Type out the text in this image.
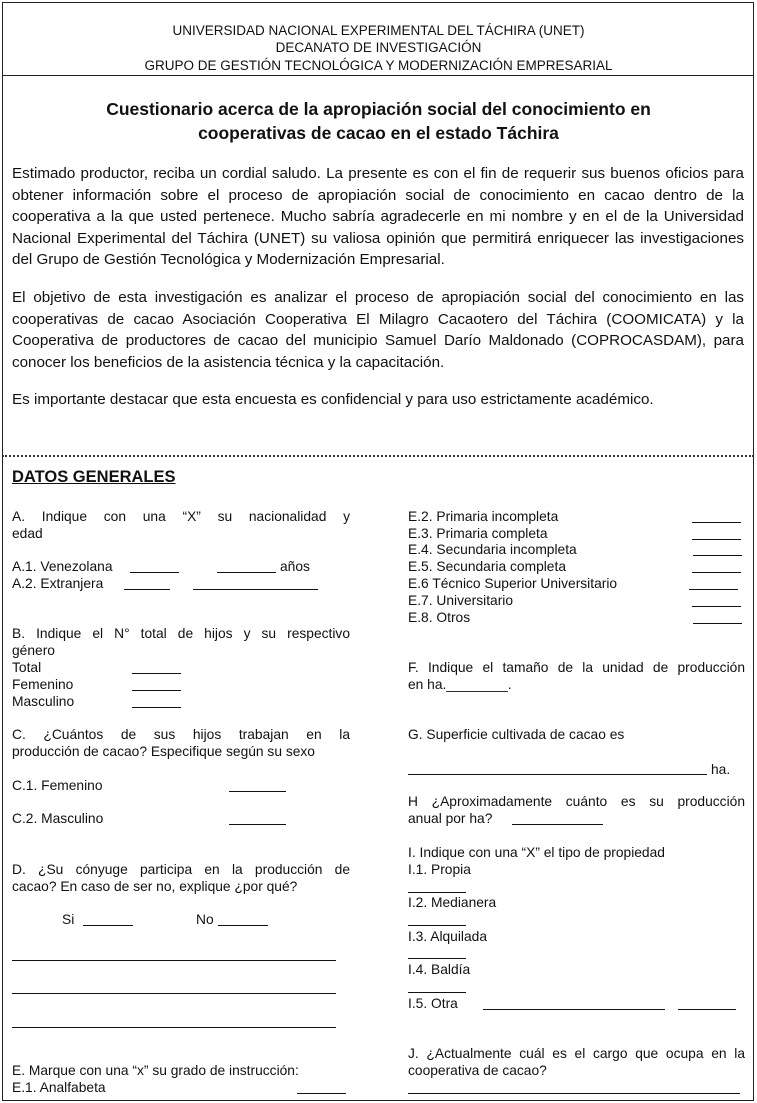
UNIVERSIDAD NACIONAL EXPERIMENTAL DEL TÁCHIRA (UNET)
DECANATO DE INVESTIGACIÓN
GRUPO DE GESTIÓN TECNOLÓGICA Y MODERNIZACIÓN EMPRESARIAL
Cuestionario acerca de la apropiación social del conocimiento en
cooperativas de cacao en el estado Táchira
Estimado productor, reciba un cordial saludo. La presente es con el fin de requerir sus buenos oficios para obtener información sobre el proceso de apropiación social de conocimiento en cacao dentro de la cooperativa a la que usted pertenece. Mucho sabría agradecerle en mi nombre y en el de la Universidad Nacional Experimental del Táchira (UNET) su valiosa opinión que permitirá enriquecer las investigaciones del Grupo de Gestión Tecnológica y Modernización Empresarial.
El objetivo de esta investigación es analizar el proceso de apropiación social del conocimiento en las cooperativas de cacao Asociación Cooperativa El Milagro Cacaotero del Táchira (COOMICATA) y la Cooperativa de productores de cacao del municipio Samuel Darío Maldonado (COPROCASDAM), para conocer los beneficios de la asistencia técnica y la capacitación.
Es importante destacar que esta encuesta es confidencial y para uso estrictamente académico.
DATOS GENERALES
A. Indique con una “X” su nacionalidad y
edad
A.1. Venezolana	años
A.2. Extranjera
B. Indique el N° total de hijos y su respectivo
género
Total
Femenino
Masculino
C. ¿Cuántos de sus hijos trabajan en la
producción de cacao? Especifique según su sexo
C.1. Femenino
C.2. Masculino
D. ¿Su cónyuge participa en la producción de
cacao? En caso de ser no, explique ¿por qué?
Si	No
E. Marque con una “x” su grado de instrucción:
E.1. Analfabeta
E.2. Primaria incompleta
E.3. Primaria completa
E.4. Secundaria incompleta
E.5. Secundaria completa
E.6 Técnico Superior Universitario
E.7. Universitario
E.8. Otros
F. Indique el tamaño de la unidad de producción
en ha.________.
G. Superficie cultivada de cacao es
ha.
H ¿Aproximadamente cuánto es su producción
anual por ha?
I. Indique con una “X” el tipo de propiedad
I.1. Propia
I.2. Medianera
I.3. Alquilada
I.4. Baldía
I.5. Otra
J. ¿Actualmente cuál es el cargo que ocupa en la
cooperativa de cacao?
